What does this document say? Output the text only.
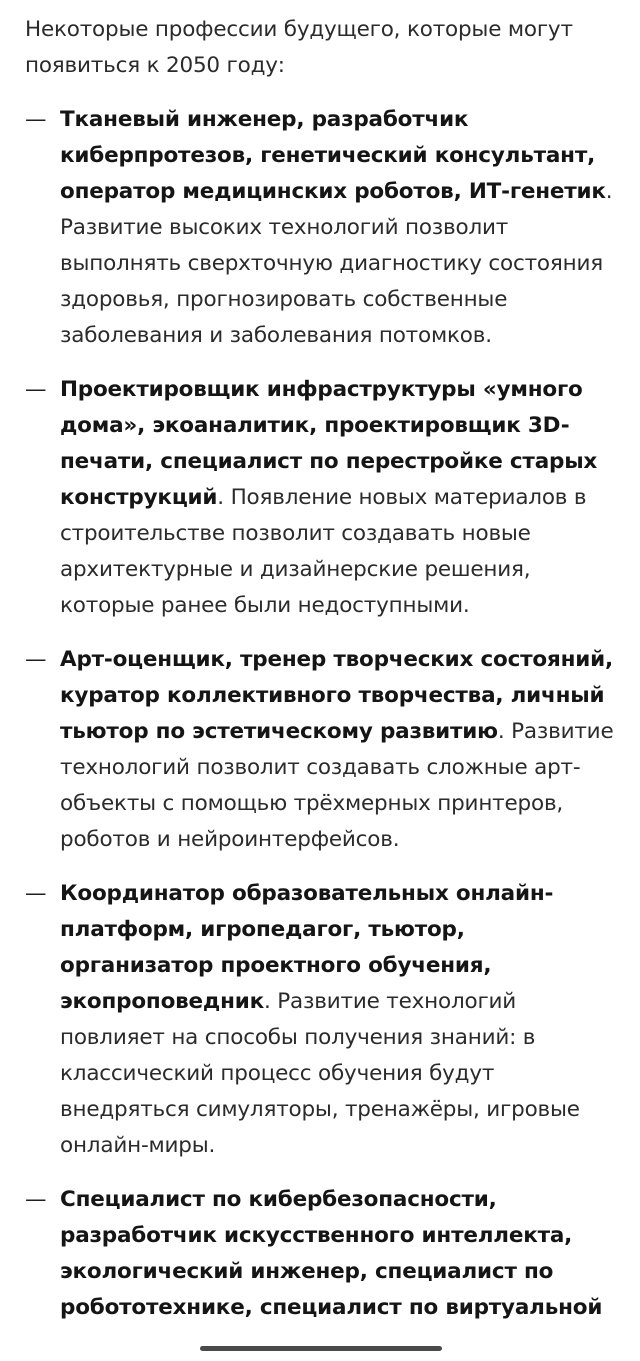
Некоторые профессии будущего, которые могут появиться к 2050 году:

— Тканевый инженер, разработчик киберпротезов, генетический консультант, оператор медицинских роботов, ИТ-генетик. Развитие высоких технологий позволит выполнять сверхточную диагностику состояния здоровья, прогнозировать собственные заболевания и заболевания потомков.
— Проектировщик инфраструктуры «умного дома», экоаналитик, проектировщик 3D-печати, специалист по перестройке старых конструкций. Появление новых материалов в строительстве позволит создавать новые архитектурные и дизайнерские решения, которые ранее были недоступными.
— Арт-оценщик, тренер творческих состояний, куратор коллективного творчества, личный тьютор по эстетическому развитию. Развитие технологий позволит создавать сложные арт-объекты с помощью трёхмерных принтеров, роботов и нейроинтерфейсов.
— Координатор образовательных онлайн-платформ, игропедагог, тьютор, организатор проектного обучения, экопроповедник. Развитие технологий повлияет на способы получения знаний: в классический процесс обучения будут внедряться симуляторы, тренажёры, игровые онлайн-миры.
— Специалист по кибербезопасности, разработчик искусственного интеллекта, экологический инженер, специалист по робототехнике, специалист по виртуальной
